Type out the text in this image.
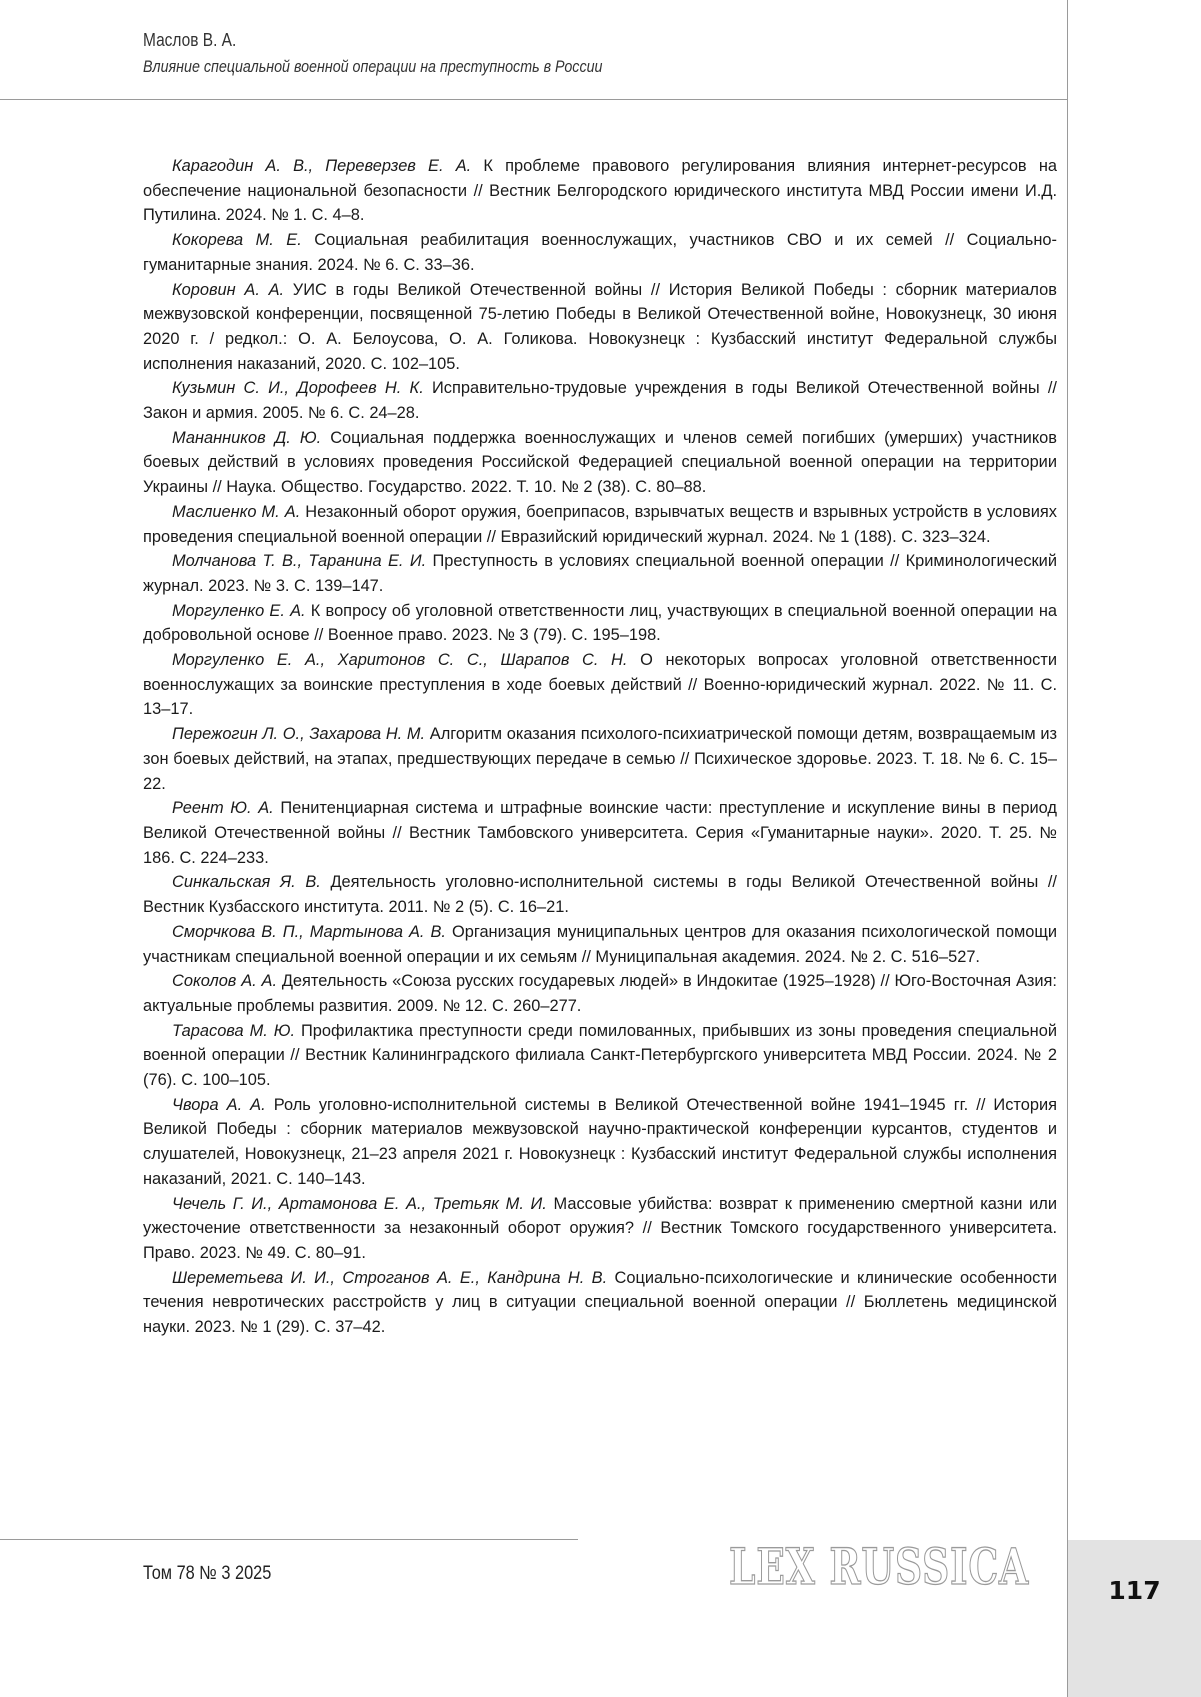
Маслов В. А.
Влияние специальной военной операции на преступность в России

Карагодин А. В., Переверзев Е. А. К проблеме правового регулирования влияния интернет-ресурсов на обеспечение национальной безопасности // Вестник Белгородского юридического института МВД России имени И.Д. Путилина. 2024. № 1. С. 4–8.

Кокорева М. Е. Социальная реабилитация военнослужащих, участников СВО и их семей // Социально-гуманитарные знания. 2024. № 6. С. 33–36.

Коровин А. А. УИС в годы Великой Отечественной войны // История Великой Победы : сборник материалов межвузовской конференции, посвященной 75-летию Победы в Великой Отечественной войне, Новокузнецк, 30 июня 2020 г. / редкол.: О. А. Белоусова, О. А. Голикова. Новокузнецк : Кузбасский институт Федеральной службы исполнения наказаний, 2020. С. 102–105.

Кузьмин С. И., Дорофеев Н. К. Исправительно-трудовые учреждения в годы Великой Отечественной войны // Закон и армия. 2005. № 6. С. 24–28.

Мананников Д. Ю. Социальная поддержка военнослужащих и членов семей погибших (умерших) участников боевых действий в условиях проведения Российской Федерацией специальной военной операции на территории Украины // Наука. Общество. Государство. 2022. Т. 10. № 2 (38). С. 80–88.

Маслиенко М. А. Незаконный оборот оружия, боеприпасов, взрывчатых веществ и взрывных устройств в условиях проведения специальной военной операции // Евразийский юридический журнал. 2024. № 1 (188). С. 323–324.

Молчанова Т. В., Таранина Е. И. Преступность в условиях специальной военной операции // Криминологический журнал. 2023. № 3. С. 139–147.

Моргуленко Е. А. К вопросу об уголовной ответственности лиц, участвующих в специальной военной операции на добровольной основе // Военное право. 2023. № 3 (79). С. 195–198.

Моргуленко Е. А., Харитонов С. С., Шарапов С. Н. О некоторых вопросах уголовной ответственности военнослужащих за воинские преступления в ходе боевых действий // Военно-юридический журнал. 2022. № 11. С. 13–17.

Пережогин Л. О., Захарова Н. М. Алгоритм оказания психолого-психиатрической помощи детям, возвращаемым из зон боевых действий, на этапах, предшествующих передаче в семью // Психическое здоровье. 2023. Т. 18. № 6. С. 15–22.

Реент Ю. А. Пенитенциарная система и штрафные воинские части: преступление и искупление вины в период Великой Отечественной войны // Вестник Тамбовского университета. Серия «Гуманитарные науки». 2020. Т. 25. № 186. С. 224–233.

Синкальская Я. В. Деятельность уголовно-исполнительной системы в годы Великой Отечественной войны // Вестник Кузбасского института. 2011. № 2 (5). С. 16–21.

Сморчкова В. П., Мартынова А. В. Организация муниципальных центров для оказания психологической помощи участникам специальной военной операции и их семьям // Муниципальная академия. 2024. № 2. С. 516–527.

Соколов А. А. Деятельность «Союза русских государевых людей» в Индокитае (1925–1928) // Юго-Восточная Азия: актуальные проблемы развития. 2009. № 12. С. 260–277.

Тарасова М. Ю. Профилактика преступности среди помилованных, прибывших из зоны проведения специальной военной операции // Вестник Калининградского филиала Санкт-Петербургского университета МВД России. 2024. № 2 (76). С. 100–105.

Чвора А. А. Роль уголовно-исполнительной системы в Великой Отечественной войне 1941–1945 гг. // История Великой Победы : сборник материалов межвузовской научно-практической конференции курсантов, студентов и слушателей, Новокузнецк, 21–23 апреля 2021 г. Новокузнецк : Кузбасский институт Федеральной службы исполнения наказаний, 2021. С. 140–143.

Чечель Г. И., Артамонова Е. А., Третьяк М. И. Массовые убийства: возврат к применению смертной казни или ужесточение ответственности за незаконный оборот оружия? // Вестник Томского государственного университета. Право. 2023. № 49. С. 80–91.

Шереметьева И. И., Строганов А. Е., Кандрина Н. В. Социально-психологические и клинические особенности течения невротических расстройств у лиц в ситуации специальной военной операции // Бюллетень медицинской науки. 2023. № 1 (29). С. 37–42.

Том 78 № 3 2025	LEX RUSSICA	117
